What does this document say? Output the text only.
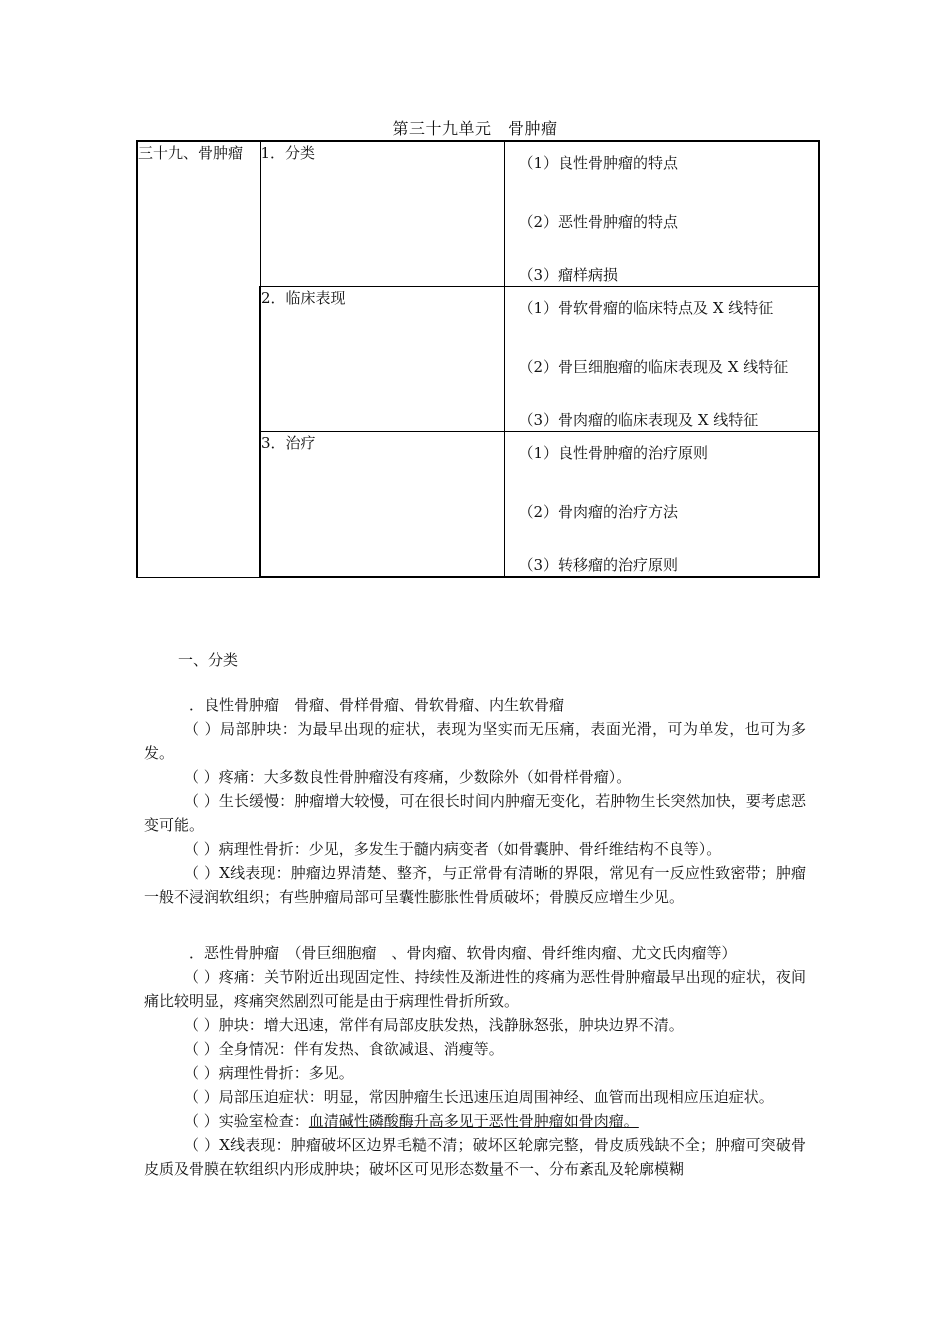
第三十九单元　骨肿瘤
三十九、骨肿瘤	1．分类	（1）良性骨肿瘤的特点
（2）恶性骨肿瘤的特点
（3）瘤样病损

	2．临床表现	（1）骨软骨瘤的临床特点及 X 线特征
（2）骨巨细胞瘤的临床表现及 X 线特征
（3）骨肉瘤的临床表现及 X 线特征

	3．治疗	（1）良性骨肿瘤的治疗原则
（2）骨肉瘤的治疗方法
（3）转移瘤的治疗原则

一、分类

．良性骨肿瘤　骨瘤、骨样骨瘤、骨软骨瘤、内生软骨瘤

（ ）局部肿块：为最早出现的症状，表现为坚实而无压痛，表面光滑，可为单发，也可为多发。

（ ）疼痛：大多数良性骨肿瘤没有疼痛，少数除外（如骨样骨瘤）。

（ ）生长缓慢：肿瘤增大较慢，可在很长时间内肿瘤无变化，若肿物生长突然加快，要考虑恶变可能。

（ ）病理性骨折：少见，多发生于髓内病变者（如骨囊肿、骨纤维结构不良等）。

（ ）X线表现：肿瘤边界清楚、整齐，与正常骨有清晰的界限，常见有一反应性致密带；肿瘤一般不浸润软组织；有些肿瘤局部可呈囊性膨胀性骨质破坏；骨膜反应增生少见。

．恶性骨肿瘤　（骨巨细胞瘤　、骨肉瘤、软骨肉瘤、骨纤维肉瘤、尤文氏肉瘤等）

（ ）疼痛：关节附近出现固定性、持续性及渐进性的疼痛为恶性骨肿瘤最早出现的症状，夜间痛比较明显，疼痛突然剧烈可能是由于病理性骨折所致。

（ ）肿块：增大迅速，常伴有局部皮肤发热，浅静脉怒张，肿块边界不清。

（ ）全身情况：伴有发热、食欲减退、消瘦等。

（ ）病理性骨折：多见。

（ ）局部压迫症状：明显，常因肿瘤生长迅速压迫周围神经、血管而出现相应压迫症状。

（ ）实验室检查：血清碱性磷酸酶升高多见于恶性骨肿瘤如骨肉瘤。

（ ）X线表现：肿瘤破坏区边界毛糙不清；破坏区轮廓完整，骨皮质残缺不全；肿瘤可突破骨皮质及骨膜在软组织内形成肿块；破坏区可见形态数量不一、分布紊乱及轮廓模糊
